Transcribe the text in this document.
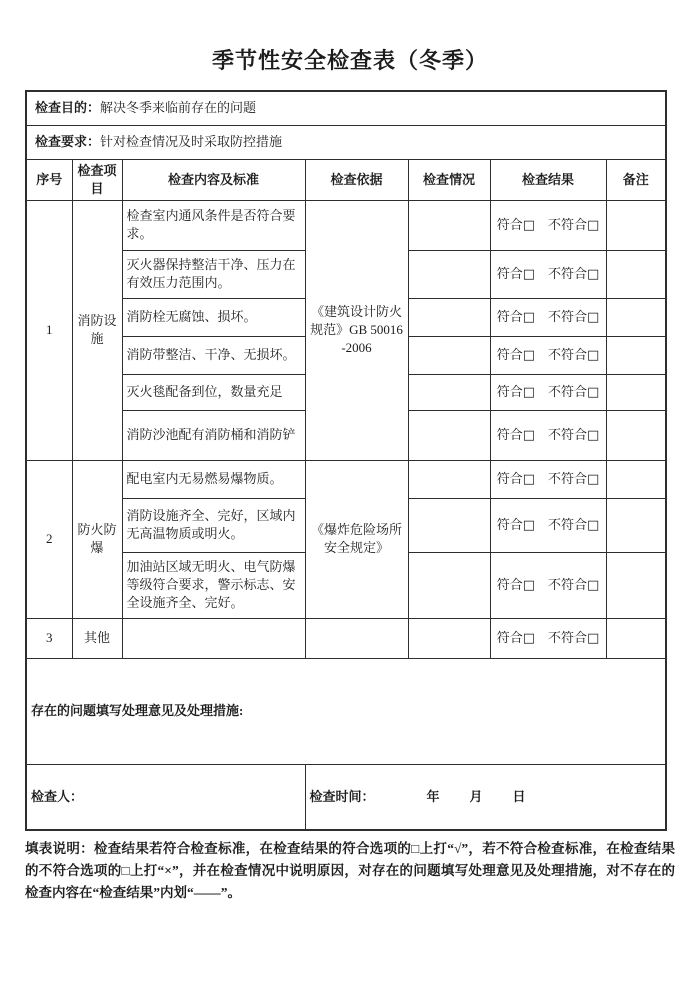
季节性安全检查表（冬季）
检查目的：解决冬季来临前存在的问题						
检查要求：针对检查情况及时采取防控措施						
序号	检查项目	检查内容及标准	检查依据	检查情况	检查结果	备注
1	消防设施	检查室内通风条件是否符合要求。	《建筑设计防火规范》GB 50016-2006		符合□ 不符合□	
		灭火器保持整洁干净、压力在有效压力范围内。			符合□ 不符合□	
		消防栓无腐蚀、损坏。			符合□ 不符合□	
		消防带整洁、干净、无损坏。			符合□ 不符合□	
		灭火毯配备到位，数量充足			符合□ 不符合□	
		消防沙池配有消防桶和消防铲			符合□ 不符合□	
2	防火防爆	配电室内无易燃易爆物质。	《爆炸危险场所安全规定》		符合□ 不符合□	
		消防设施齐全、完好，区域内无高温物质或明火。			符合□ 不符合□	
		加油站区域无明火、电气防爆等级符合要求，警示标志、安全设施齐全、完好。			符合□ 不符合□	
3	其他				符合□ 不符合□	
存在的问题填写处理意见及处理措施:						
检查人：			检查时间： 年 月 日			

填表说明：检查结果若符合检查标准，在检查结果的符合选项的□上打“√”，若不符合检查标准，在检查结果的不符合选项的□上打“×”，并在检查情况中说明原因，对存在的问题填写处理意见及处理措施，对不存在的检查内容在“检查结果”内划“——”。
